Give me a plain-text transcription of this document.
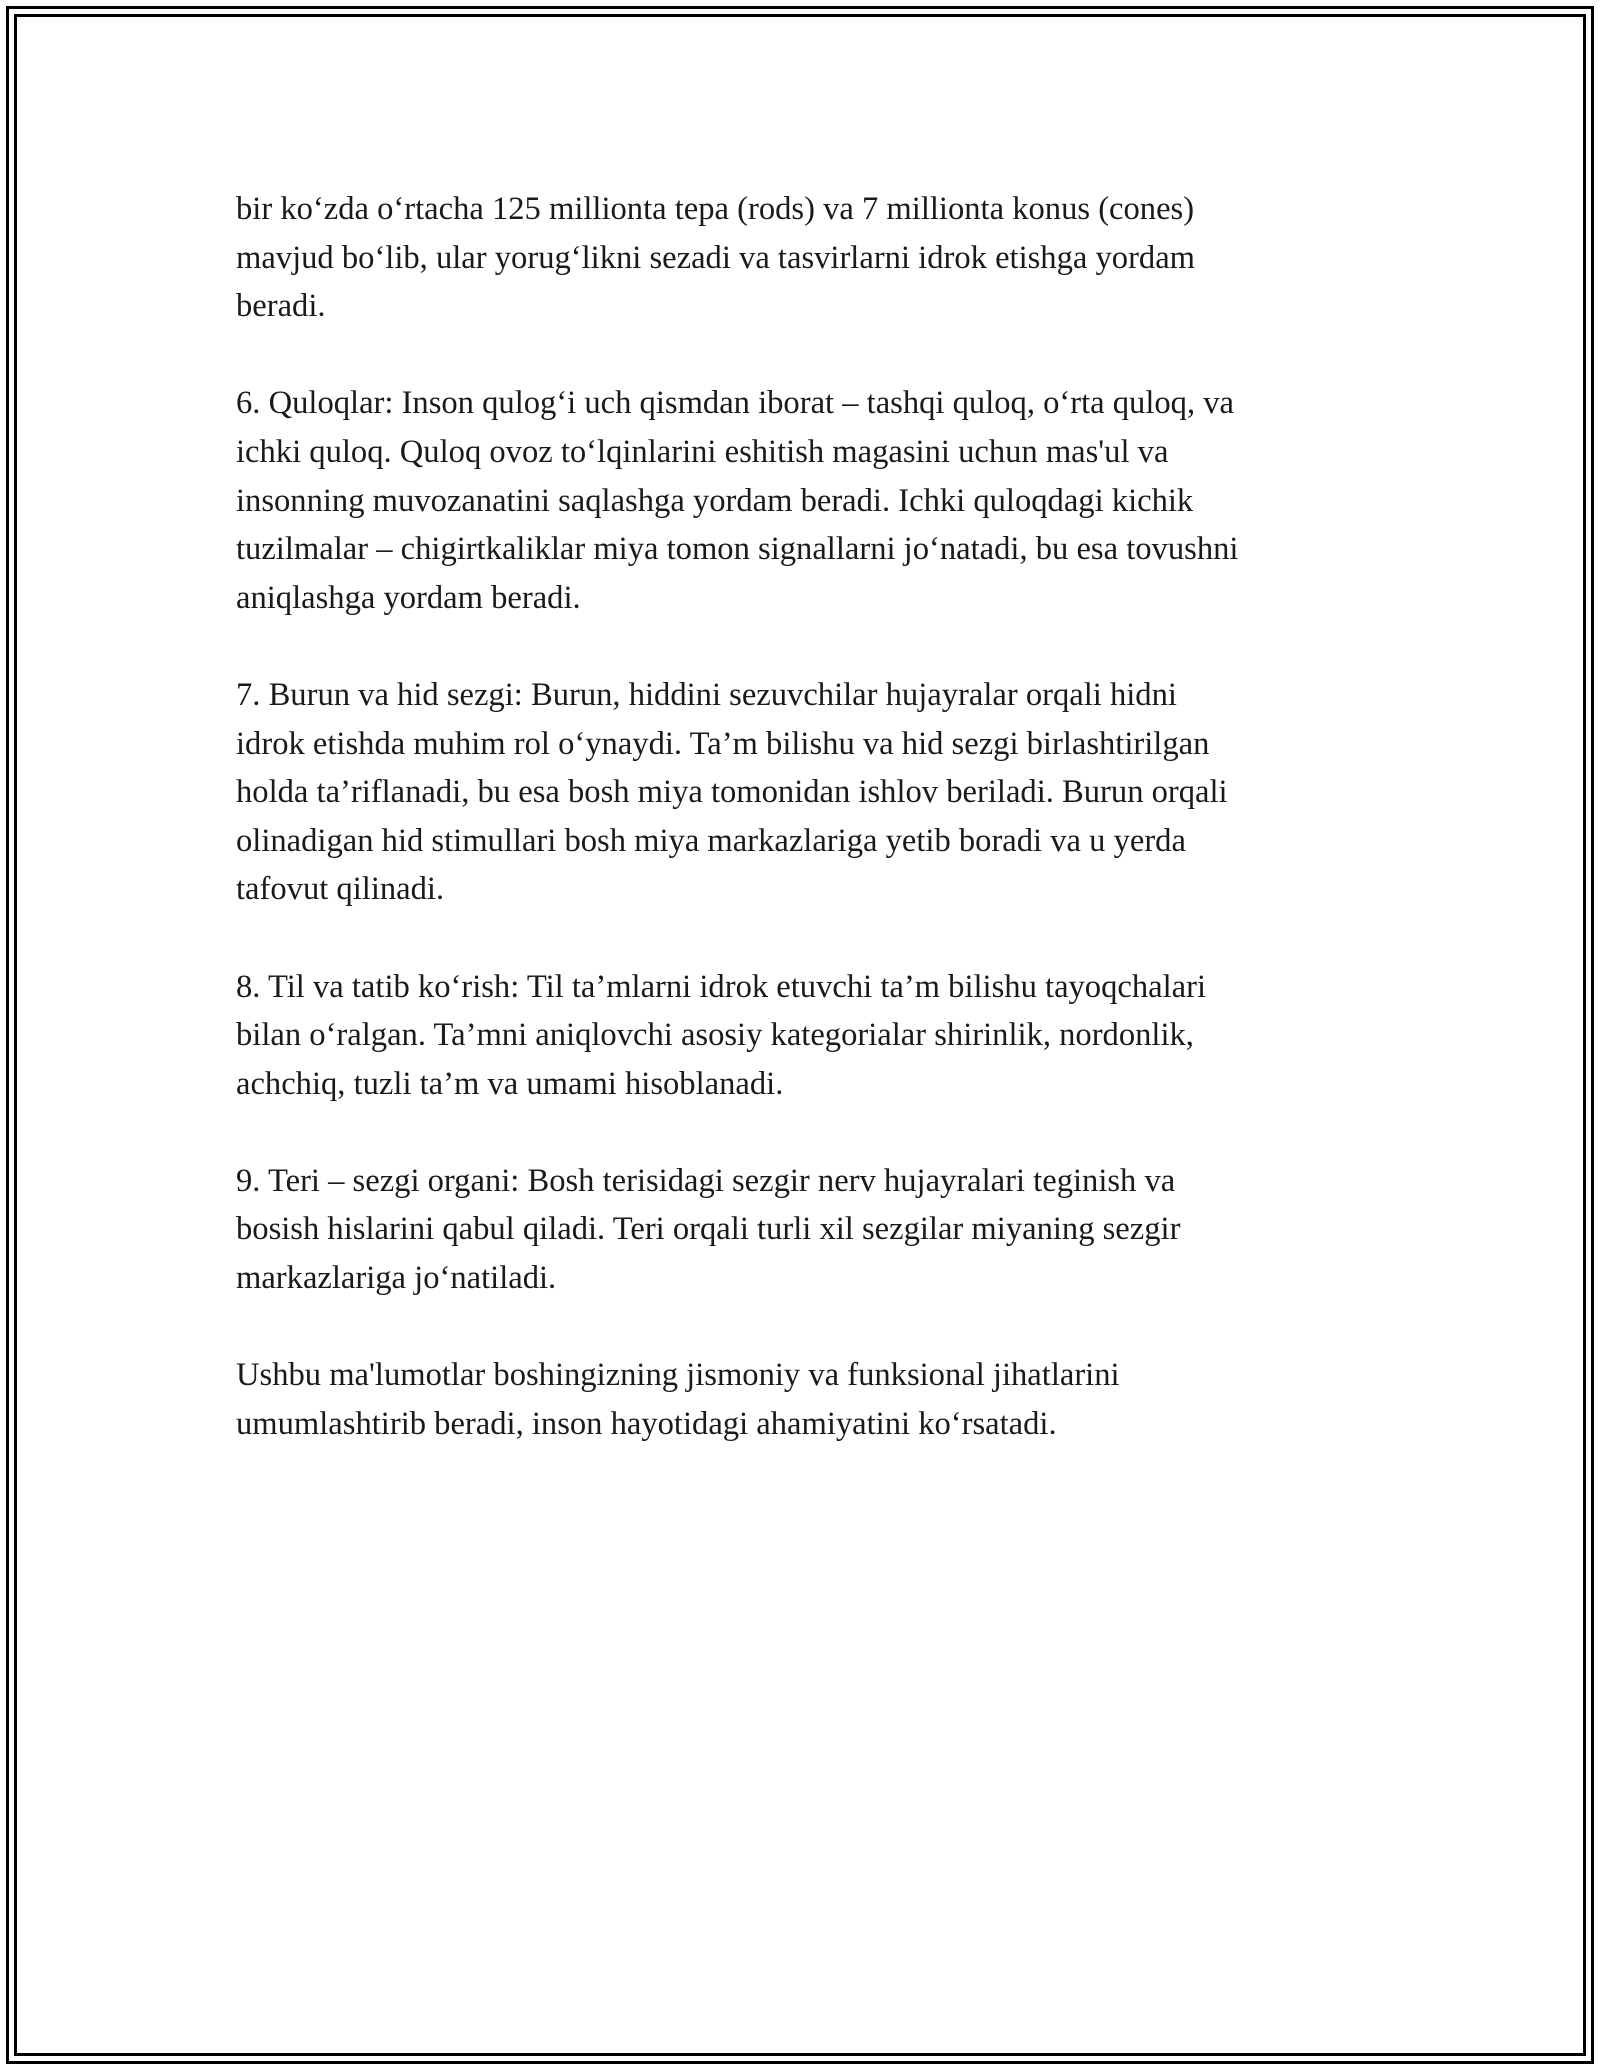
bir ko‘zda o‘rtacha 125 millionta tepa (rods) va 7 millionta konus (cones)
mavjud bo‘lib, ular yorug‘likni sezadi va tasvirlarni idrok etishga yordam
beradi.

6. Quloqlar: Inson qulog‘i uch qismdan iborat – tashqi quloq, o‘rta quloq, va
ichki quloq. Quloq ovoz to‘lqinlarini eshitish magasini uchun mas'ul va
insonning muvozanatini saqlashga yordam beradi. Ichki quloqdagi kichik
tuzilmalar – chigirtkaliklar miya tomon signallarni jo‘natadi, bu esa tovushni
aniqlashga yordam beradi.

7. Burun va hid sezgi: Burun, hiddini sezuvchilar hujayralar orqali hidni
idrok etishda muhim rol o‘ynaydi. Ta’m bilishu va hid sezgi birlashtirilgan
holda ta’riflanadi, bu esa bosh miya tomonidan ishlov beriladi. Burun orqali
olinadigan hid stimullari bosh miya markazlariga yetib boradi va u yerda
tafovut qilinadi.

8. Til va tatib ko‘rish: Til ta’mlarni idrok etuvchi ta’m bilishu tayoqchalari
bilan o‘ralgan. Ta’mni aniqlovchi asosiy kategorialar shirinlik, nordonlik,
achchiq, tuzli ta’m va umami hisoblanadi.

9. Teri – sezgi organi: Bosh terisidagi sezgir nerv hujayralari teginish va
bosish hislarini qabul qiladi. Teri orqali turli xil sezgilar miyaning sezgir
markazlariga jo‘natiladi.

Ushbu ma'lumotlar boshingizning jismoniy va funksional jihatlarini
umumlashtirib beradi, inson hayotidagi ahamiyatini ko‘rsatadi.
